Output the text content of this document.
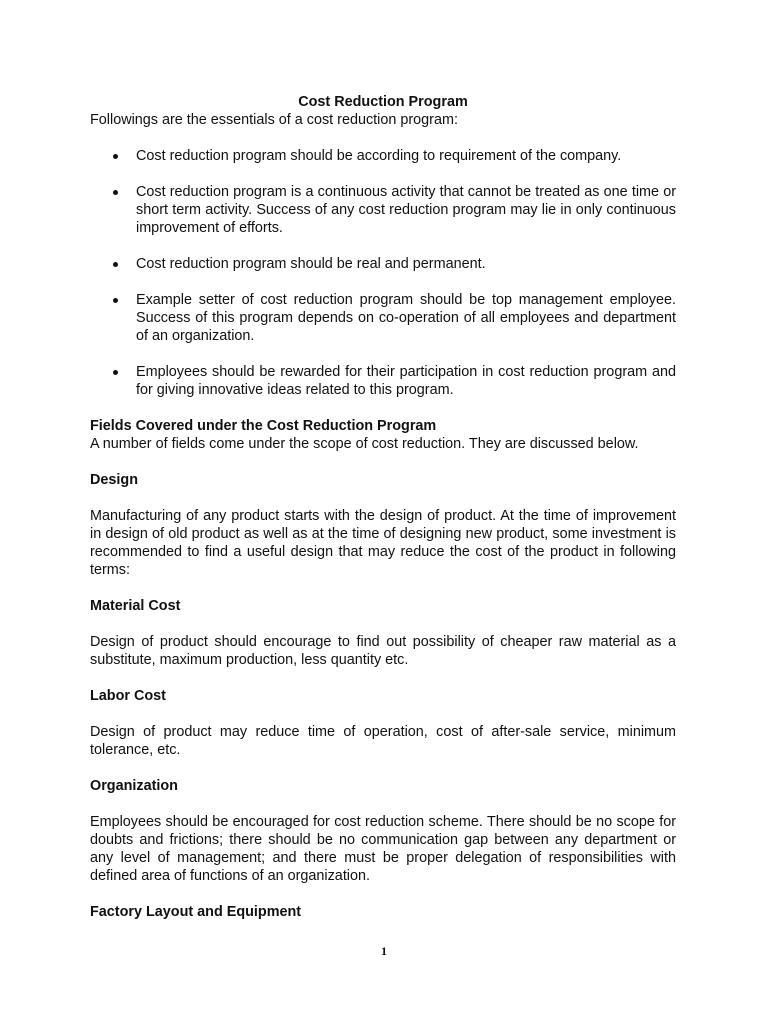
Cost Reduction Program

Followings are the essentials of a cost reduction program:

Cost reduction program should be according to requirement of the company.
Cost reduction program is a continuous activity that cannot be treated as one time or short term activity. Success of any cost reduction program may lie in only continuous improvement of efforts.
Cost reduction program should be real and permanent.
Example setter of cost reduction program should be top management employee. Success of this program depends on co-operation of all employees and department of an organization.
Employees should be rewarded for their participation in cost reduction program and for giving innovative ideas related to this program.
Fields Covered under the Cost Reduction Program

A number of fields come under the scope of cost reduction. They are discussed below.

Design

Manufacturing of any product starts with the design of product. At the time of improvement in design of old product as well as at the time of designing new product, some investment is recommended to find a useful design that may reduce the cost of the product in following terms:

Material Cost

Design of product should encourage to find out possibility of cheaper raw material as a substitute, maximum production, less quantity etc.

Labor Cost

Design of product may reduce time of operation, cost of after-sale service, minimum tolerance, etc.

Organization

Employees should be encouraged for cost reduction scheme. There should be no scope for doubts and frictions; there should be no communication gap between any department or any level of management; and there must be proper delegation of responsibilities with defined area of functions of an organization.

Factory Layout and Equipment
1
